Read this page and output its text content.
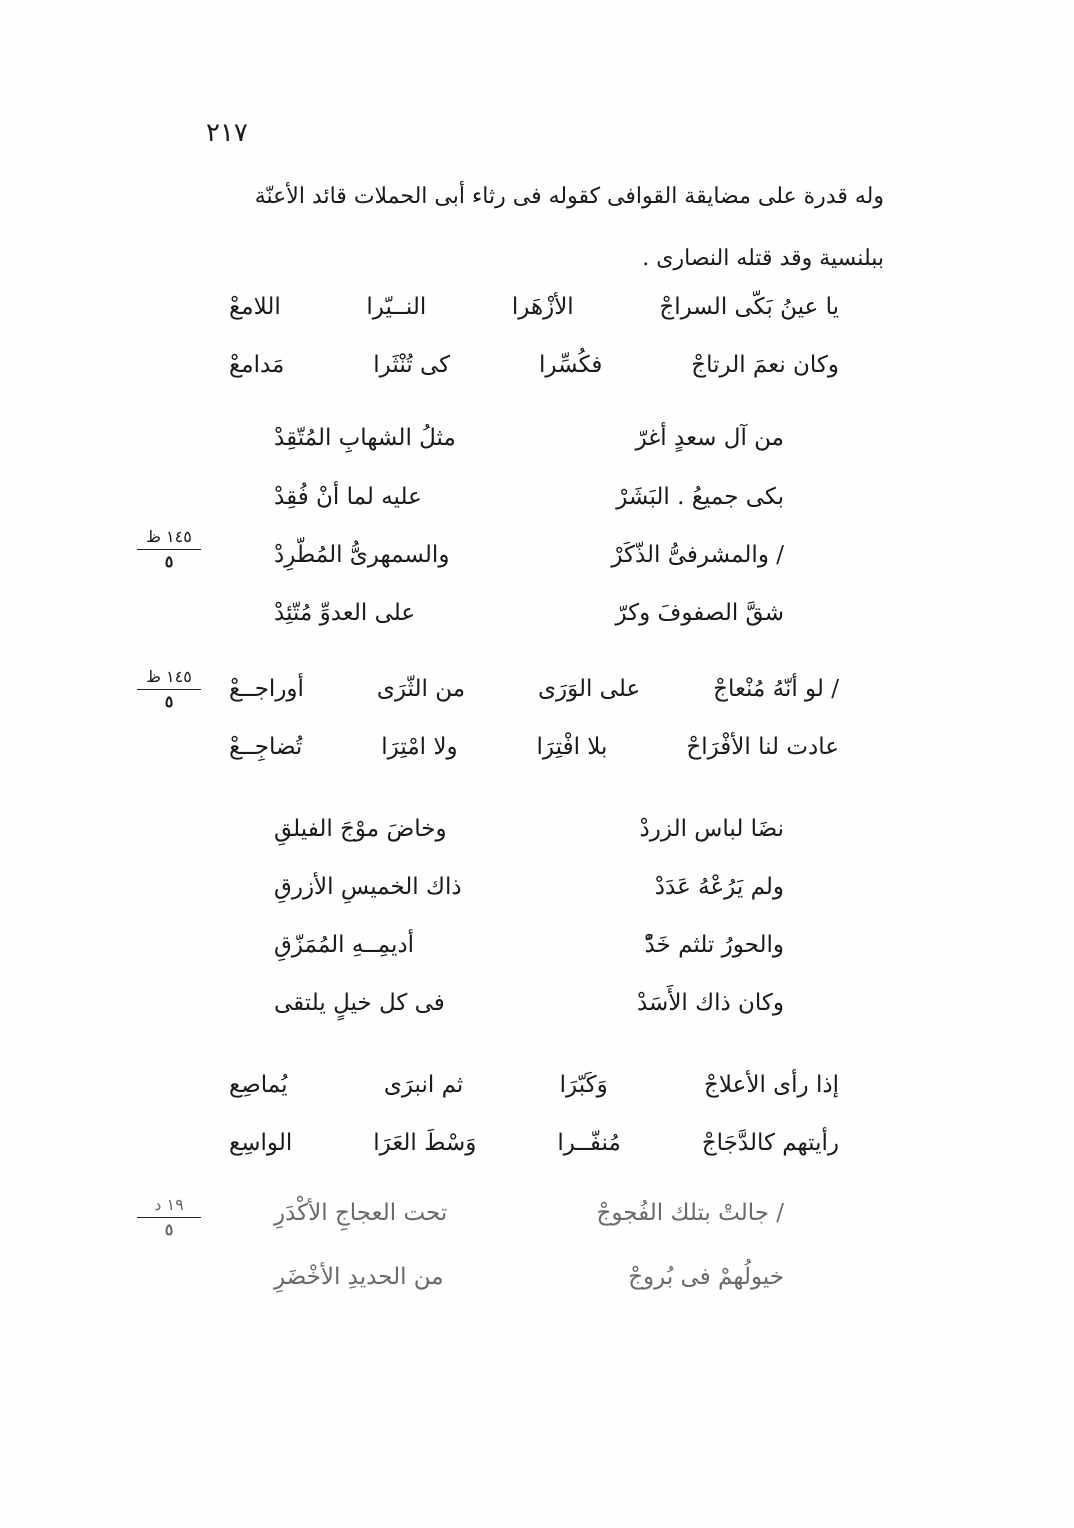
٢١٧

وله قدرة على مضايقة القوافى كقوله فى رثاء أبى الحملات قائد الأعنّة

ببلنسية وقد قتله النصارى .

يا عينُ بَكّى السراجْ
الأزْهَرا
النــيّرا
اللامعْ
وكان نعمَ الرتاجْ
فكُسِّرا
كى تُنْثَرا
مَدامعْ
من آل سعدٍ أغرّ
مثلُ الشهابِ المُتّقِدْ
بكى جميعُ . البَشَرْ
عليه لما أنْ فُقِدْ
/ والمشرفىُّ الذّكَرْ
والسمهرىُّ المُطّرِدْ
شقَّ الصفوفَ وكرّ
على العدوِّ مُتّئِدْ
/ لو أنّهُ مُنْعاجْ
على الوَرَى
من الثّرَى
أوراجــعْ
عادت لنا الأفْرَاحْ
بلا افْتِرَا
ولا امْتِرَا
تُضاجِــعْ
نضَا لباس الزردْ
وخاضَ موْجَ الفيلقِ
ولم يَرُعْهُ عَدَدْ
ذاك الخميسِ الأزرقِ
والحورُ تلثم خَدّْ
أديمِــهِ المُمَزّقِ
وكان ذاك الأَسَدْ
فى كل خيلٍ يلتقى
إذا رأى الأعلاجْ
وَكَبّرَا
ثم انبرَى
يُماصِع
رأيتهم كالدَّجَاجْ
مُنفّــرا
وَسْطَ العَرَا
الواسِع
/ جالتْ بتلك الفُجوجْ
تحت العجاجِ الأكْدَرِ
خيولُهمْ فى بُروجْ
من الحديدِ الأخْضَرِ
١٤٥ ظ
٥
١٤٥ ظ
٥
١٩ د
٥
